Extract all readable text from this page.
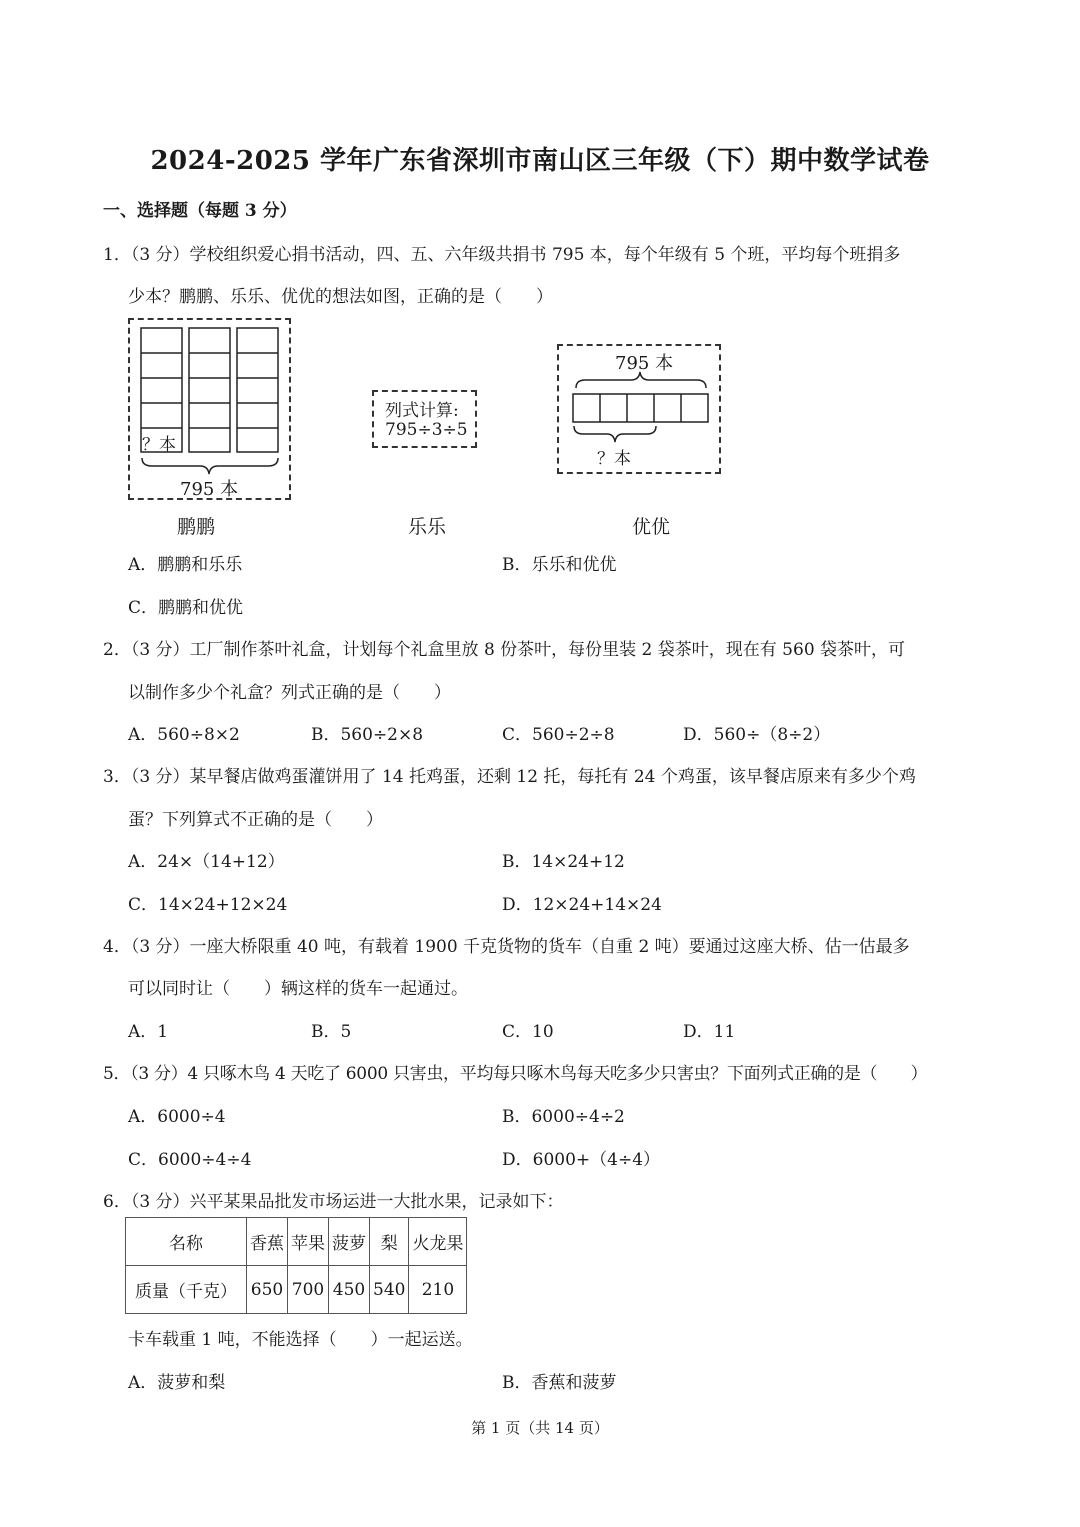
2024-2025 学年广东省深圳市南山区三年级（下）期中数学试卷
一、选择题（每题 3 分）
1．（3 分）学校组织爱心捐书活动，四、五、六年级共捐书 795 本，每个年级有 5 个班，平均每个班捐多
少本？鹏鹏、乐乐、优优的想法如图，正确的是（　　）
？本
795 本
鹏鹏
列式计算:
795÷3÷5
乐乐
795 本
？本
优优
A．鹏鹏和乐乐	B．乐乐和优优
C．鹏鹏和优优
2．（3 分）工厂制作茶叶礼盒，计划每个礼盒里放 8 份茶叶，每份里装 2 袋茶叶，现在有 560 袋茶叶，可
以制作多少个礼盒？列式正确的是（　　）
A．560÷8×2	B．560÷2×8	C．560÷2÷8	D．560÷（8÷2）
3．（3 分）某早餐店做鸡蛋灌饼用了 14 托鸡蛋，还剩 12 托，每托有 24 个鸡蛋，该早餐店原来有多少个鸡
蛋？下列算式不正确的是（　　）
A．24×（14+12）	B．14×24+12
C．14×24+12×24	D．12×24+14×24
4．（3 分）一座大桥限重 40 吨，有载着 1900 千克货物的货车（自重 2 吨）要通过这座大桥、估一估最多
可以同时让（　　）辆这样的货车一起通过。
A．1	B．5	C．10	D．11
5．（3 分）4 只啄木鸟 4 天吃了 6000 只害虫，平均每只啄木鸟每天吃多少只害虫？下面列式正确的是（　　）
A．6000÷4	B．6000÷4÷2
C．6000÷4÷4	D．6000+（4÷4）
6．（3 分）兴平某果品批发市场运进一大批水果，记录如下：
名称	香蕉	苹果	菠萝	梨	火龙果
质量（千克）	650	700	450	540	210
卡车载重 1 吨，不能选择（　　）一起运送。
A．菠萝和梨	B．香蕉和菠萝
第 1 页（共 14 页）
